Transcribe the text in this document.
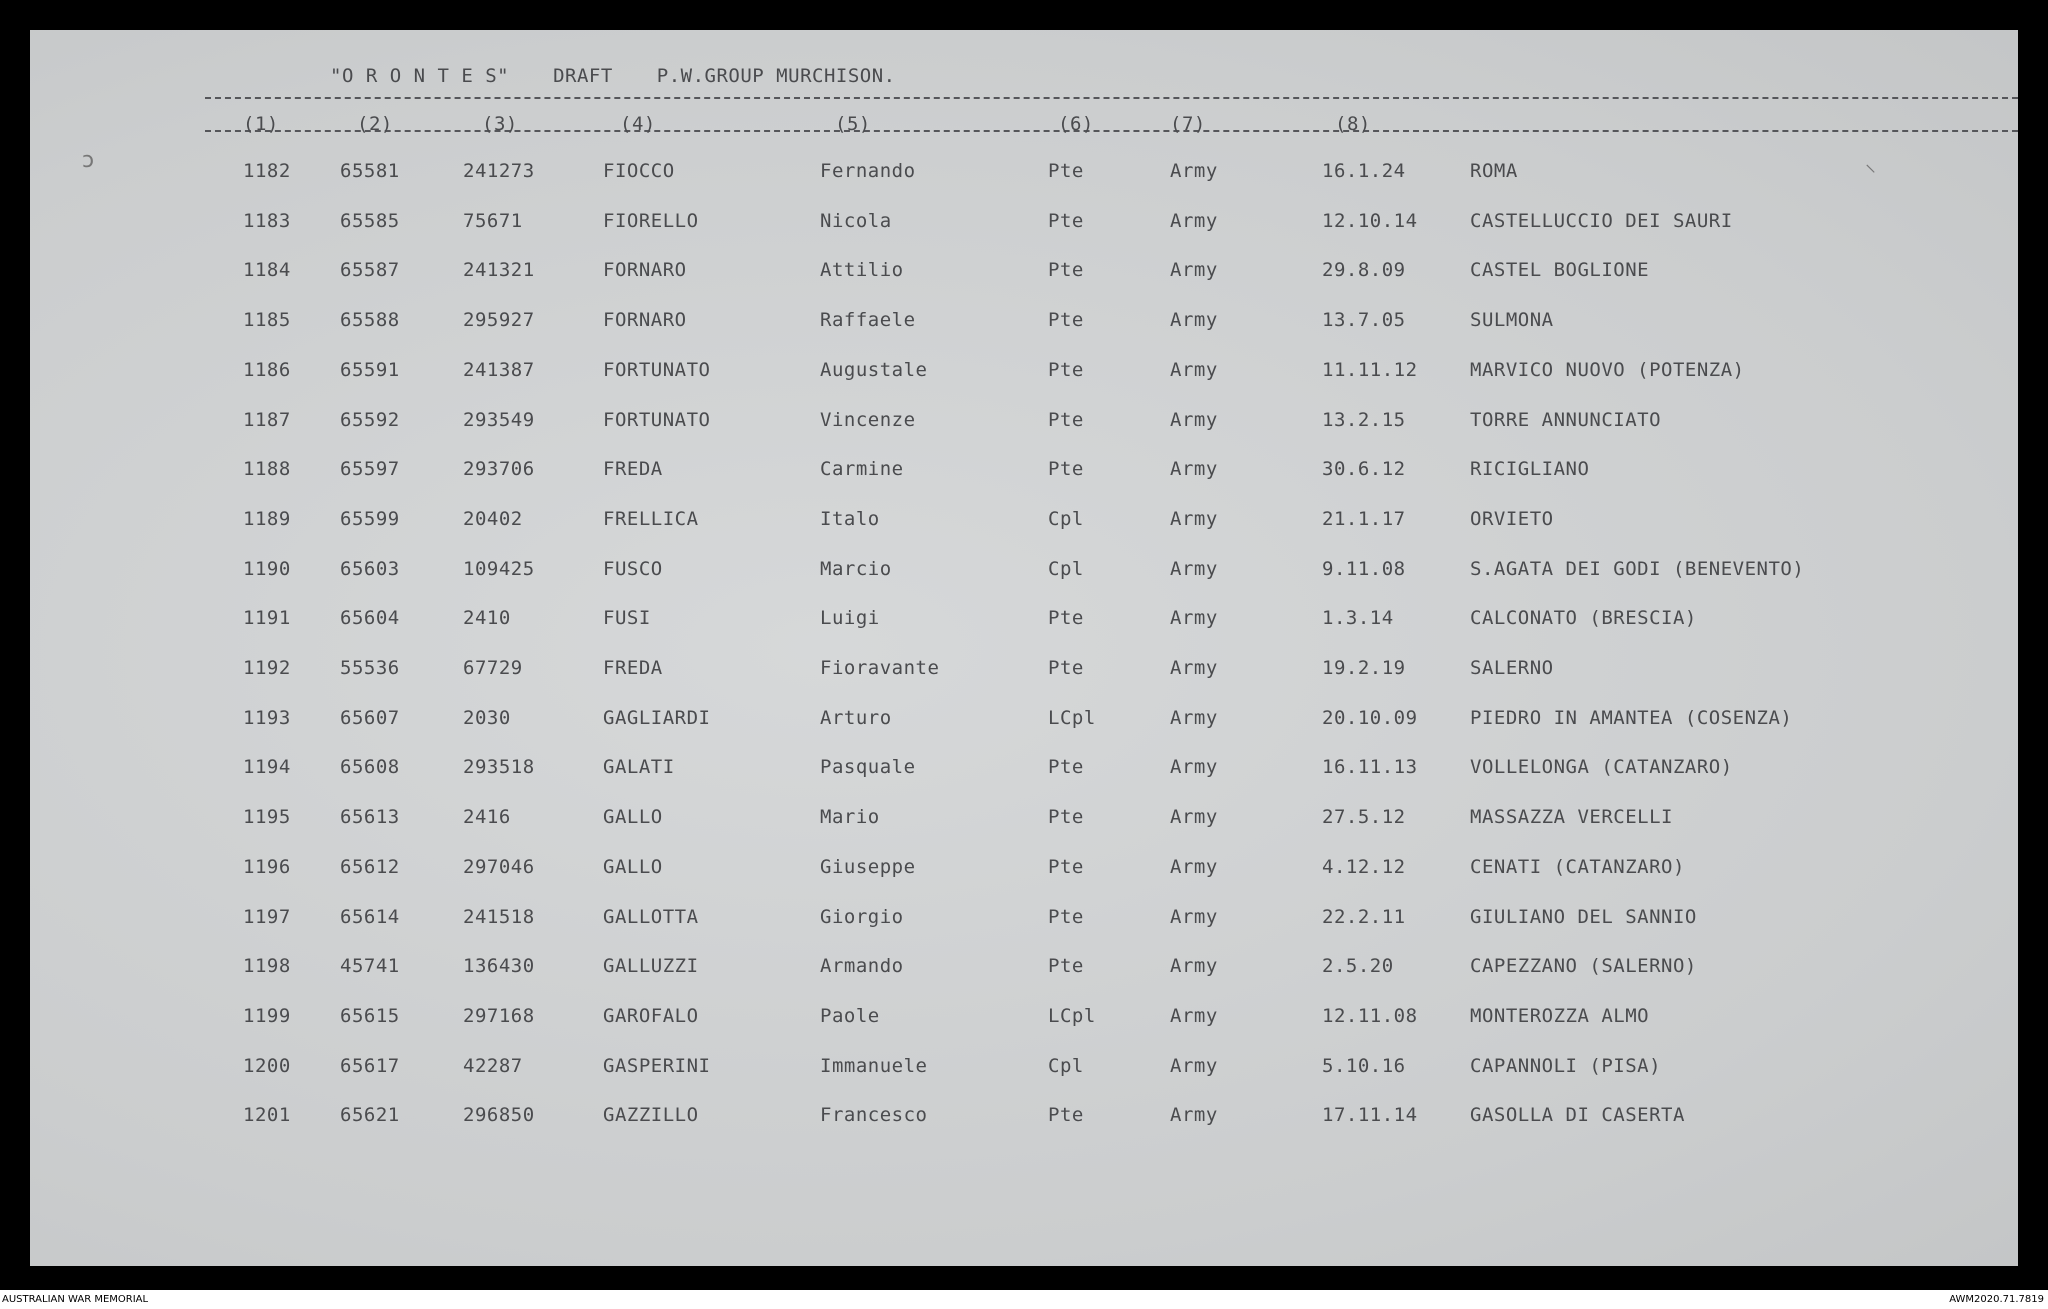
"O R O N T E S" DRAFT P.W.GROUP MURCHISON.
(1)	(2)	(3)	(4)	(5)	(6)	(7)	(8)
1182	65581	241273	FIOCCO	Fernando	Pte	Army	16.1.24	ROMA
1183	65585	75671	FIORELLO	Nicola	Pte	Army	12.10.14	CASTELLUCCIO DEI SAURI
1184	65587	241321	FORNARO	Attilio	Pte	Army	29.8.09	CASTEL BOGLIONE
1185	65588	295927	FORNARO	Raffaele	Pte	Army	13.7.05	SULMONA
1186	65591	241387	FORTUNATO	Augustale	Pte	Army	11.11.12	MARVICO NUOVO (POTENZA)
1187	65592	293549	FORTUNATO	Vincenze	Pte	Army	13.2.15	TORRE ANNUNCIATO
1188	65597	293706	FREDA	Carmine	Pte	Army	30.6.12	RICIGLIANO
1189	65599	20402	FRELLICA	Italo	Cpl	Army	21.1.17	ORVIETO
1190	65603	109425	FUSCO	Marcio	Cpl	Army	9.11.08	S.AGATA DEI GODI (BENEVENTO)
1191	65604	2410	FUSI	Luigi	Pte	Army	1.3.14	CALCONATO (BRESCIA)
1192	55536	67729	FREDA	Fioravante	Pte	Army	19.2.19	SALERNO
1193	65607	2030	GAGLIARDI	Arturo	LCpl	Army	20.10.09	PIEDRO IN AMANTEA (COSENZA)
1194	65608	293518	GALATI	Pasquale	Pte	Army	16.11.13	VOLLELONGA (CATANZARO)
1195	65613	2416	GALLO	Mario	Pte	Army	27.5.12	MASSAZZA VERCELLI
1196	65612	297046	GALLO	Giuseppe	Pte	Army	4.12.12	CENATI (CATANZARO)
1197	65614	241518	GALLOTTA	Giorgio	Pte	Army	22.2.11	GIULIANO DEL SANNIO
1198	45741	136430	GALLUZZI	Armando	Pte	Army	2.5.20	CAPEZZANO (SALERNO)
1199	65615	297168	GAROFALO	Paole	LCpl	Army	12.11.08	MONTEROZZA ALMO
1200	65617	42287	GASPERINI	Immanuele	Cpl	Army	5.10.16	CAPANNOLI (PISA)
1201	65621	296850	GAZZILLO	Francesco	Pte	Army	17.11.14	GASOLLA DI CASERTA
ɔ	⸜
AUSTRALIAN WAR MEMORIAL	AWM2020.71.7819
